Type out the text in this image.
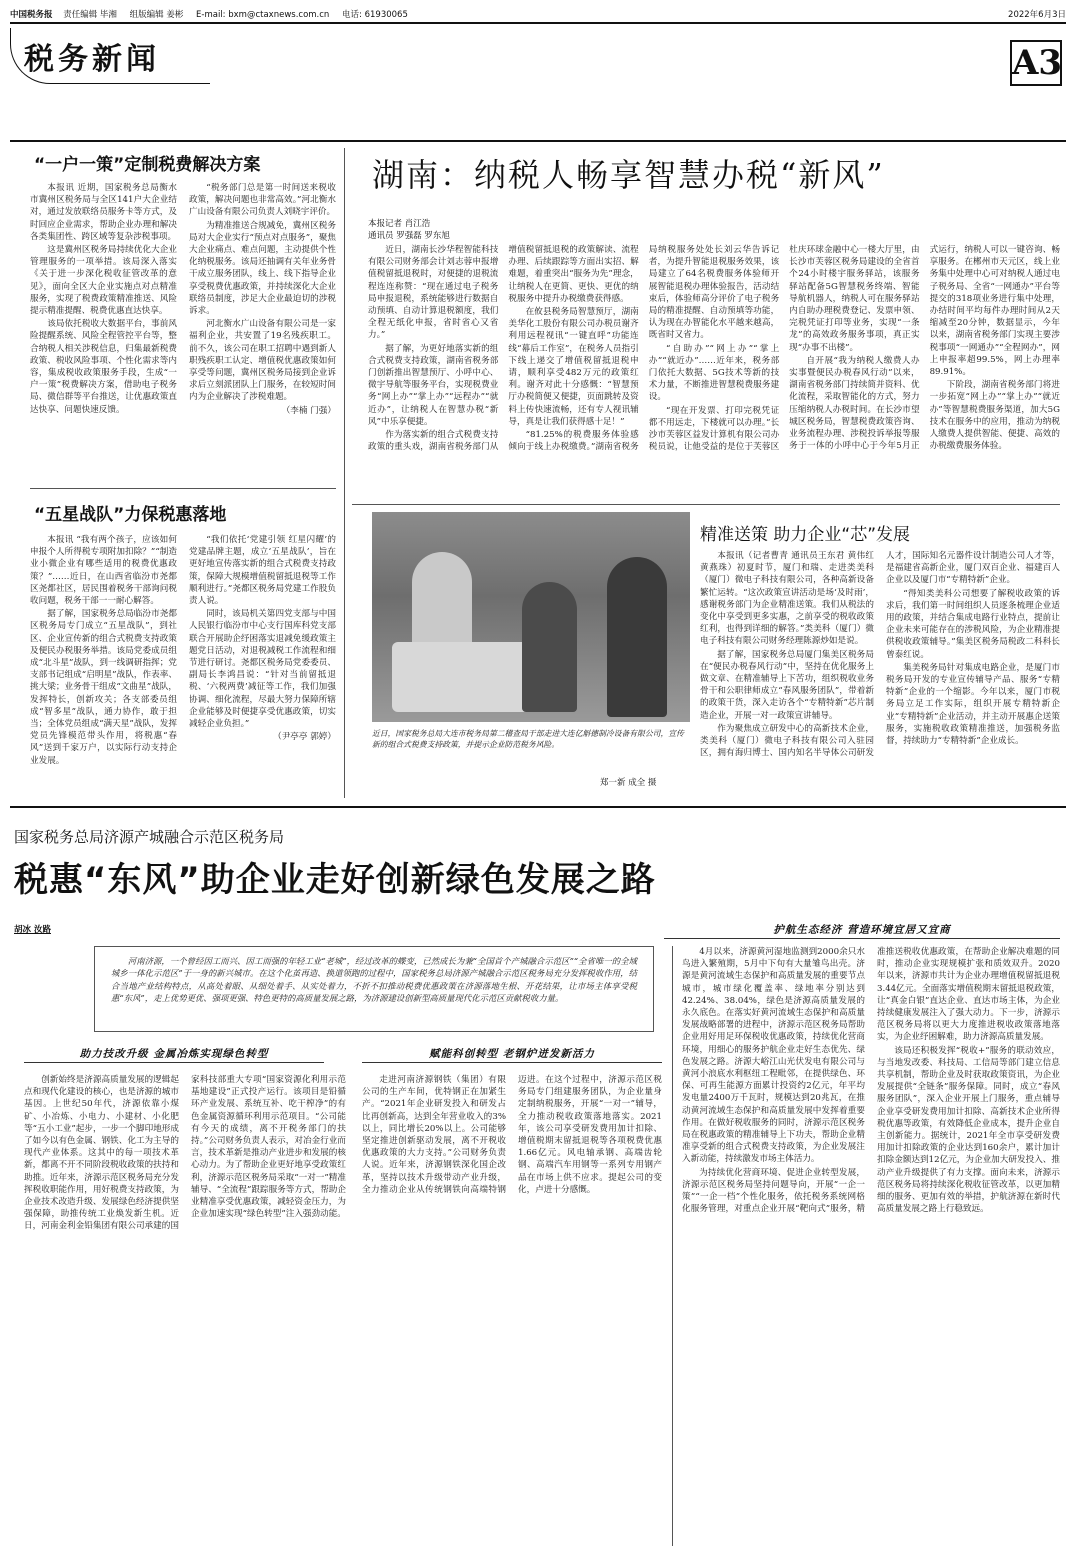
中国税务报 责任编辑 毕湘 组版编辑 姜彬 E-mail: bxm@ctaxnews.com.cn 电话: 61930065	2022年6月3日
税务新闻	A3
“一户一策”定制税费解决方案

本报讯 近期，国家税务总局衡水市冀州区税务局与全区141户大企业结对，通过发放联络员服务卡等方式，及时回应企业需求，帮助企业办理和解决各类集团性、跨区域等复杂涉税事项。

这是冀州区税务局持续优化大企业管理服务的一项举措。该局深入落实《关于进一步深化税收征管改革的意见》，面向全区大企业实施点对点精准服务，实现了税费政策精准推送、风险提示精准提醒、税费优惠直达快享。

该局依托税收大数据平台，事前风险提醒系统、风险全程管控平台等，整合纳税人相关涉税信息，归集最新税费政策、税收风险事项、个性化需求等内容，集成税收政策服务手段，生成“一户一策”税费解决方案，借助电子税务局、微信群等平台推送，让优惠政策直达快享、问题快速反馈。

“税务部门总是第一时间送来税收政策，解决问题也非常高效。”河北衡水广山设备有限公司负责人刘晓宇评价。

为精准推送合规减免，冀州区税务局对大企业实行“预点对点服务”，聚焦大企业痛点、难点问题，主动提供个性化纳税服务。该局还抽调有关年业务骨干成立服务团队，线上、线下指导企业享受税费优惠政策，并持续深化大企业联络员制度，涉足大企业最迫切的涉税诉求。

河北衡水广山设备有限公司是一家福利企业，共安置了19名残疾职工。前不久，该公司在职工招聘中遇到新人职残疾职工认定、增值税优惠政策如何享受等问题，冀州区税务局接到企业诉求后立刻派团队上门服务，在较短时间内为企业解决了涉税难题。

（李楠 门强）

“五星战队”力保税惠落地

本报讯 “我有两个孩子，应该如何申报个人所得税专项附加扣除？”“制造业小微企业有哪些适用的税费优惠政策？”……近日，在山西省临汾市尧都区尧都社区，居民围着税务干部询问税收问题，税务干部一一耐心解答。

据了解，国家税务总局临汾市尧都区税务局专门成立“五星战队”，到社区、企业宣传新的组合式税费支持政策及便民办税服务举措。该局党委成员组成“北斗星”战队，到一线调研指挥；党支部书记组成“启明星”战队，作表率、挑大梁；业务骨干组成“文曲星”战队，发挥特长，创新攻关；各支部委员组成“智多星”战队，通力协作，敢于担当；全体党员组成“满天星”战队，发挥党员先锋模范带头作用，将税惠“春风”送到千家万户，以实际行动支持企业发展。

“我们依托‘党建引领 红星闪耀’的党建品牌主题，成立‘五星战队’，旨在更好地宣传落实新的组合式税费支持政策，保障大规模增值税留抵退税等工作顺利进行。”尧都区税务局党建工作股负责人说。

同时，该局机关第四党支部与中国人民银行临汾市中心支行国库科党支部联合开展助企纾困落实退减免缓政策主题党日活动，对退税减税工作流程和细节进行研讨。尧都区税务局党委委员、副局长李鸿昌说：“针对当前留抵退税、‘六税两费’减征等工作，我们加强协调、细化流程，尽最大努力保障所辖企业能够及时便捷享受优惠政策，切实减轻企业负担。”

（尹亭亭 郭婷）

湖南：纳税人畅享智慧办税“新风”
本报记者 肖江浩
通讯员 罗强磊 罗东旭

近日，湖南长沙华程智能科技有限公司财务部会计刘志蓉申报增值税留抵退税时，对便捷的退税流程连连称赞：“现在通过电子税务局申报退税，系统能够进行数据自动预填、自动计算退税额度，我们全程无纸化申报，省时省心又省力。”

据了解，为更好地落实新的组合式税费支持政策，湖南省税务部门创新推出智慧预厅、小呼中心、微宇导航等服务平台，实现税费业务“网上办”“掌上办”“远程办”“就近办”，让纳税人在智慧办税“新风”中乐享便捷。

作为落实新的组合式税费支持政策的重头戏，湖南省税务部门从增值税留抵退税的政策解读、流程办理、后续跟踪等方面出实招、解难题，着重突出“服务为先”理念，让纳税人在更简、更快、更优的纳税服务中提升办税缴费获得感。

在攸县税务局智慧预厅，湖南美华化工股份有限公司办税员谢齐利用远程视讯“一键直呼”功能连线“幕后工作室”，在税务人员指引下线上递交了增值税留抵退税申请，顺利享受482万元的政策红利。谢齐对此十分感慨：“智慧预厅办税简便又便捷，页面跳转及资料上传快速流畅，还有专人视讯辅导，真是让我们获得感十足！”

“81.25%的税费服务体验感倾向于线上办税缴费。”湖南省税务局纳税服务处处长刘云华告诉记者，为提升智能退税服务效果，该局建立了64名税费服务体验师开展智能退税办理体验报告，活动结束后，体验师高分评价了电子税务局的精准提醒、自动预填等功能，认为现在办智能化水平越来越高，既省时又省力。

“自助办”“网上办”“掌上办”“就近办”……近年来，税务部门依托大数据、5G技术等新的技术力量，不断推进智慧税费服务建设。

“现在开发票、打印完税凭证都不用远走，下楼就可以办理。”长沙市芙蓉区益发计算机有限公司办税员说，让他受益的是位于芙蓉区杜庆环球金融中心一楼大厅里，由长沙市芙蓉区税务局建设的全省首个24小时楼宇服务驿站，该服务驿站配备5G智慧税务终端、智能导航机器人，纳税人可在服务驿站内自助办理税费登记、发票申领、完税凭证打印等业务，实现“一条龙”的高效政务服务事项，真正实现“办事不出楼”。

自开展“我为纳税人缴费人办实事暨便民办税春风行动”以来，湖南省税务部门持续简并资料、优化流程，采取智能化的方式，努力压缩纳税人办税时间。在长沙市望城区税务局，智慧税费政策咨询、业务流程办理、涉税投诉举报等服务于一体的小呼中心于今年5月正式运行，纳税人可以一键咨询、畅享服务。在郴州市天元区，线上业务集中处理中心可对纳税人通过电子税务局、全省“一网通办”平台等提交的318项业务进行集中处理，办结时间平均每件办理时间从2天缩减至20分钟，数据显示，今年以来，湖南省税务部门实现主要涉税事项“一网通办”“全程网办”，网上申报率超99.5%，网上办理率89.91%。

下阶段，湖南省税务部门将进一步拓宽“网上办”“掌上办”“就近办”等智慧税费服务渠道，加大5G技术在服务中的应用，推动为纳税人缴费人提供智能、便捷、高效的办税缴费服务体验。

近日，国家税务总局大连市税务局第二稽查局干部走进大连亿斛德制冷设备有限公司，宣传新的组合式税费支持政策，并提示企业防范税务风险。
郑一新 成全 摄
精准送策 助力企业“芯”发展

本报讯（记者曹青 通讯员王东君 黄伟红 黄燕珠）初夏时节，厦门和瑞、走进类美科（厦门）微电子科技有限公司，各种高新设备繁忙运转。“这次政策宣讲活动是场‘及时雨’，感谢税务部门为企业精准送策。我们从税法的变化中享受到更多实惠，之前享受的税收政策红利，也得到详细的解答。”类美科（厦门）微电子科技有限公司财务经理陈源炒如是说。

据了解，国家税务总局厦门集美区税务局在“便民办税春风行动”中，坚持在优化服务上做文章、在精准辅导上下苦功，组织税收业务骨干和公职律师成立“春风服务团队”，带着新的政策干货，深入走访各个“专精特新”芯片制造企业，开展一对一政策宣讲辅导。

作为聚焦成立研发中心的高新技术企业，类美科（厦门）微电子科技有限公司入驻园区，拥有海归博士、国内知名半导体公司研发人才，国际知名元器件设计制造公司人才等，是福建省高新企业，厦门双百企业、福建百人企业以及厦门市“专精特新”企业。

“得知类美科公司想要了解税收政策的诉求后，我们第一时间组织人员逐条梳理企业适用的政策，并结合集成电路行业特点，提前让企业未来可能存在的涉税风险，为企业精准提供税收政策辅导。”集美区税务局税政二科科长曾泰红说。

集美税务局针对集成电路企业，是厦门市税务局开发的专业宣传辅导产品、服务“专精特新”企业的一个缩影。今年以来，厦门市税务局立足工作实际，组织开展专精特新企业“专精特新”企业活动，并主动开展惠企送策服务，实施税收政策精准推送，加强税务监督，持续助力“专精特新”企业成长。

国家税务总局济源产城融合示范区税务局
税惠“东风”助企业走好创新绿色发展之路
胡冰 汝路	护航生态经济 营造环境宜居又宜商
河南济源，一个曾经因工而兴、因工而强的年轻工业“老城”，经过改革的蝶变，已然成长为兼“全国首个产城融合示范区”“全省唯一的全域城乡一体化示范区”于一身的新兴城市。在这个化茧再造、换道领跑的过程中，国家税务总局济源产城融合示范区税务局充分发挥税收作用，结合当地产业结构特点，从高处着眼、从细处着手、从实处着力，不折不扣推动税费优惠政策在济源落地生根、开花结果，让市场主体享受税惠“东风”，走上优势更优、强项更强、特色更特的高质量发展之路，为济源建设创新型高质量现代化示范区贡献税收力量。
助力技改升级 金属冶炼实现绿色转型	赋能科创转型 老钢炉迸发新活力

创新始终是济源高质量发展的逻辑起点和现代化建设的核心，也是济源的城市基因。上世纪50年代，济源依靠小煤矿、小冶炼、小电力、小建材、小化肥等“五小工业”起步，一步一个脚印地形成了如今以有色金属、钢铁、化工为主导的现代产业体系。这其中的每一项技术革新，都离不开不同阶段税收政策的扶持和助推。近年来，济源示范区税务局充分发挥税收职能作用，用好税费支持政策，为企业技术改造升级、发展绿色经济提供坚强保障，助推传统工业焕发新生机。近日，河南金利金铅集团有限公司承建的国家科技部重大专项“国家资源化利用示范基地建设”正式投产运行。该项目是铅循环产业发展、系统互补、吃干榨净”的有色金属资源循环利用示范项目。“公司能有今天的成绩，离不开税务部门的扶持。”公司财务负责人表示，对冶金行业而言，技术革新是推动产业进步和发展的核心动力。为了帮助企业更好地享受政策红利，济源示范区税务局采取“一对一”精准辅导、“全流程”跟踪服务等方式，帮助企业精准享受优惠政策，减轻资金压力，为企业加速实现“绿色转型”注入强劲动能。

走进河南济源钢铁（集团）有限公司的生产车间，优特钢正在加紧生产。“2021年企业研发投入和研发占比再创新高，达到全年营业收入的3%以上，同比增长20%以上。公司能够坚定推进创新驱动发展，离不开税收优惠政策的大力支持。”公司财务负责人说。近年来，济源钢铁深化国企改革，坚持以技术升级带动产业升级，全力推动企业从传统钢铁向高端特钢迈进。在这个过程中，济源示范区税务局专门组建服务团队，为企业量身定制纳税服务，开展“一对一”辅导，全力推动税收政策落地落实。2021年，该公司享受研发费用加计扣除、增值税期末留抵退税等各项税费优惠1.66亿元。风电轴承钢、高端齿轮钢、高端汽车用钢等一系列专用钢产品在市场上供不应求。提起公司的变化，卢进十分感慨。

4月以来，济源黄河湿地监测到2000余只水鸟进入繁殖期，5月中下旬有大量雏鸟出壳。济源是黄河流域生态保护和高质量发展的重要节点城市，城市绿化覆盖率、绿地率分别达到42.24%、38.04%，绿色是济源高质量发展的永久底色。在落实好黄河流域生态保护和高质量发展战略部署的进程中，济源示范区税务局帮助企业用好用足环保税收优惠政策，持续优化营商环境，用细心的服务护航企业走好生态优先、绿色发展之路。济源大峪江山光伏发电有限公司与黄河小浪底水利枢纽工程毗邻，在提供绿色、环保、可再生能源方面累计投资约2亿元，年平均发电量2400万千瓦时，规模达到20兆瓦，在推动黄河流域生态保护和高质量发展中发挥着重要作用。在做好税收服务的同时，济源示范区税务局在税惠政策的精准辅导上下功夫，帮助企业精准享受新的组合式税费支持政策，为企业发展注入新动能，持续激发市场主体活力。

为持续优化营商环境、促进企业转型发展，济源示范区税务局坚持问题导向，开展“一企一策”“一企一档”个性化服务，依托税务系统网格化服务管理，对重点企业开展“靶向式”服务，精准推送税收优惠政策，在帮助企业解决难题的同时，推动企业实现规模扩张和质效双升。2020年以来，济源市共计为企业办理增值税留抵退税3.44亿元。全面落实增值税期末留抵退税政策，让“真金白银”直达企业、直达市场主体，为企业持续健康发展注入了强大动力。下一步，济源示范区税务局将以更大力度推进税收政策落地落实，为企业纾困解难，助力济源高质量发展。

该局还积极发挥“税收+”服务的联动效应，与当地发改委、科技局、工信局等部门建立信息共享机制，帮助企业及时获取政策资讯，为企业发展提供“全链条”服务保障。同时，成立“春风服务团队”，深入企业开展上门服务，重点辅导企业享受研发费用加计扣除、高新技术企业所得税优惠等政策，有效降低企业成本，提升企业自主创新能力。据统计，2021年全市享受研发费用加计扣除政策的企业达到160余户，累计加计扣除金额达到12亿元，为企业加大研发投入、推动产业升级提供了有力支撑。面向未来，济源示范区税务局将持续深化税收征管改革，以更加精细的服务、更加有效的举措，护航济源在新时代高质量发展之路上行稳致远。
